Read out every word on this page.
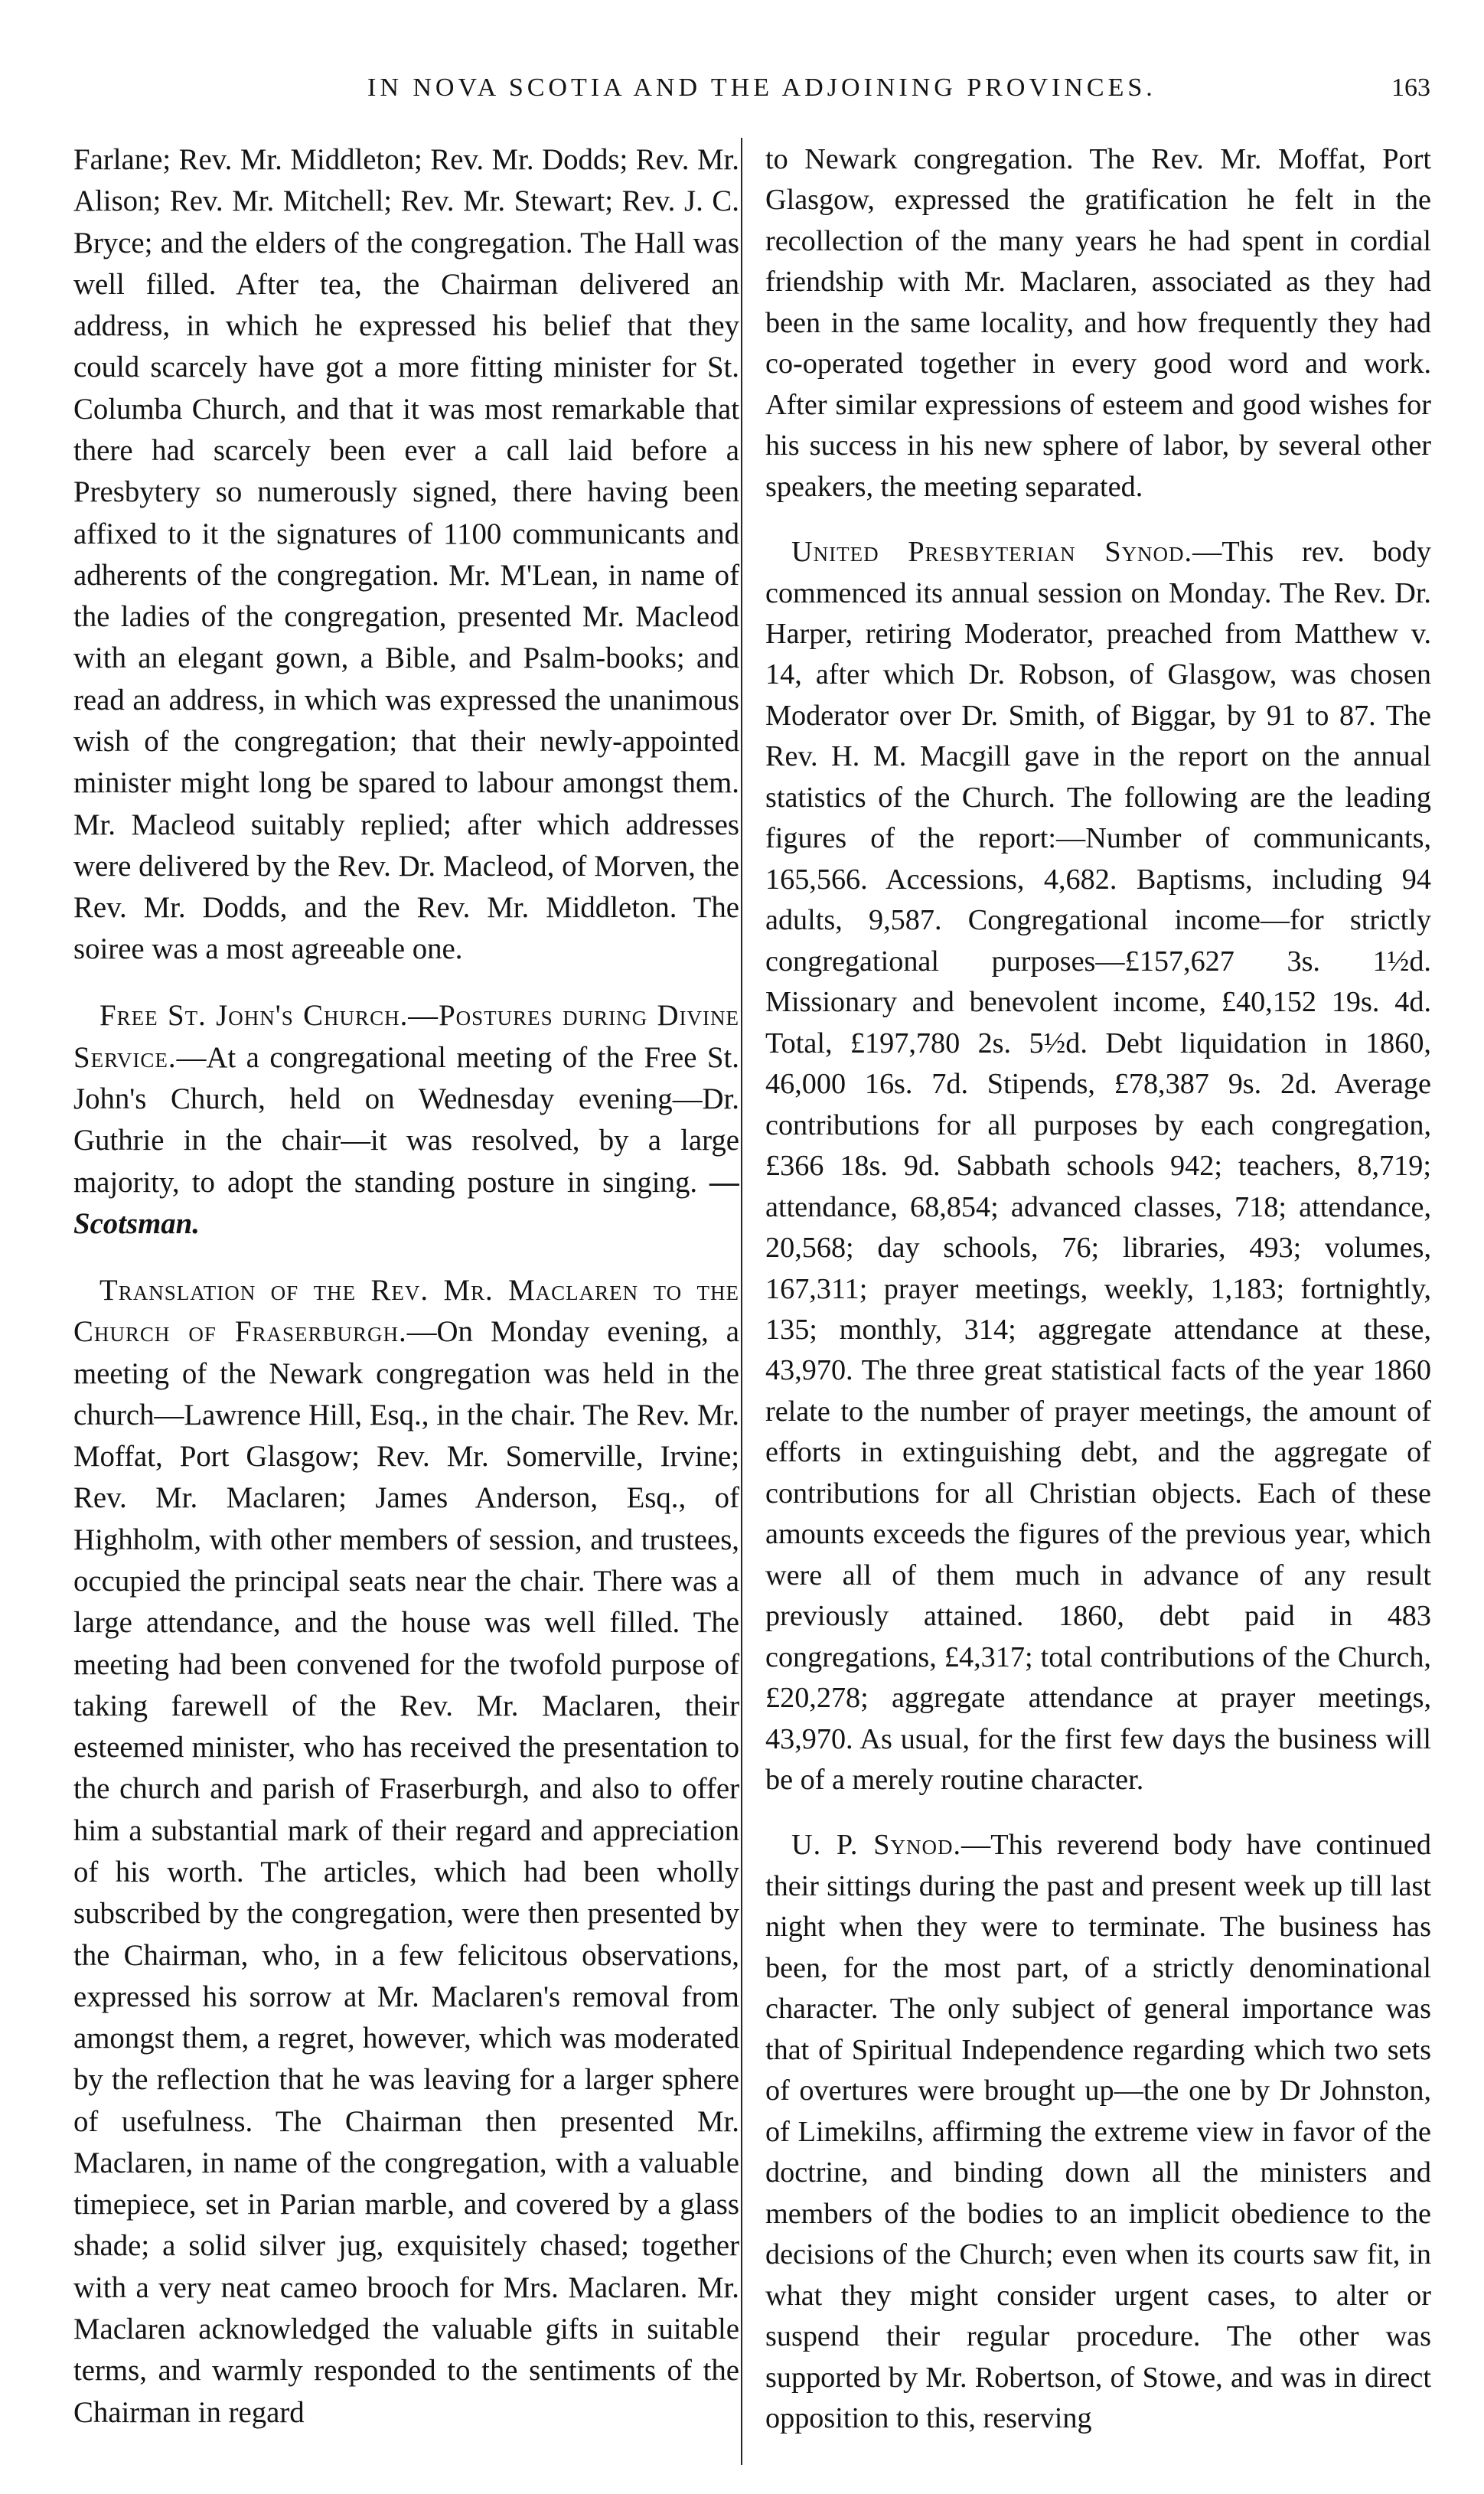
IN NOVA SCOTIA AND THE ADJOINING PROVINCES.	163

Farlane; Rev. Mr. Middleton; Rev. Mr. Dodds; Rev. Mr. Alison; Rev. Mr. Mitchell; Rev. Mr. Stewart; Rev. J. C. Bryce; and the elders of the congregation. The Hall was well filled. After tea, the Chairman delivered an address, in which he expressed his belief that they could scarcely have got a more fitting minister for St. Columba Church, and that it was most remarkable that there had scarcely been ever a call laid before a Presbytery so numerously signed, there having been affixed to it the signatures of 1100 communicants and adherents of the congregation. Mr. M'Lean, in name of the ladies of the congregation, presented Mr. Macleod with an elegant gown, a Bible, and Psalm-books; and read an address, in which was expressed the unanimous wish of the congregation; that their newly-appointed minister might long be spared to labour amongst them. Mr. Macleod suitably replied; after which addresses were delivered by the Rev. Dr. Macleod, of Morven, the Rev. Mr. Dodds, and the Rev. Mr. Middleton. The soiree was a most agreeable one.

Free St. John's Church.—Postures during Divine Service.—At a congregational meeting of the Free St. John's Church, held on Wednesday evening—Dr. Guthrie in the chair—it was resolved, by a large majority, to adopt the standing posture in singing. —Scotsman.

Translation of the Rev. Mr. Maclaren to the Church of Fraserburgh.—On Monday evening, a meeting of the Newark congregation was held in the church—Lawrence Hill, Esq., in the chair. The Rev. Mr. Moffat, Port Glasgow; Rev. Mr. Somerville, Irvine; Rev. Mr. Maclaren; James Anderson, Esq., of Highholm, with other members of session, and trustees, occupied the principal seats near the chair. There was a large attendance, and the house was well filled. The meeting had been convened for the twofold purpose of taking farewell of the Rev. Mr. Maclaren, their esteemed minister, who has received the presentation to the church and parish of Fraserburgh, and also to offer him a substantial mark of their regard and appreciation of his worth. The articles, which had been wholly subscribed by the congregation, were then presented by the Chairman, who, in a few felicitous observations, expressed his sorrow at Mr. Maclaren's removal from amongst them, a regret, however, which was moderated by the reflection that he was leaving for a larger sphere of usefulness. The Chairman then presented Mr. Maclaren, in name of the congregation, with a valuable timepiece, set in Parian marble, and covered by a glass shade; a solid silver jug, exquisitely chased; together with a very neat cameo brooch for Mrs. Maclaren. Mr. Maclaren acknowledged the valuable gifts in suitable terms, and warmly responded to the sentiments of the Chairman in regard

to Newark congregation. The Rev. Mr. Moffat, Port Glasgow, expressed the gratification he felt in the recollection of the many years he had spent in cordial friendship with Mr. Maclaren, associated as they had been in the same locality, and how frequently they had co-operated together in every good word and work. After similar expressions of esteem and good wishes for his success in his new sphere of labor, by several other speakers, the meeting separated.

United Presbyterian Synod.—This rev. body commenced its annual session on Monday. The Rev. Dr. Harper, retiring Moderator, preached from Matthew v. 14, after which Dr. Robson, of Glasgow, was chosen Moderator over Dr. Smith, of Biggar, by 91 to 87. The Rev. H. M. Macgill gave in the report on the annual statistics of the Church. The following are the leading figures of the report:—Number of communicants, 165,566. Accessions, 4,682. Baptisms, including 94 adults, 9,587. Congregational income—for strictly congregational purposes—£157,627 3s. 1½d. Missionary and benevolent income, £40,152 19s. 4d. Total, £197,780 2s. 5½d. Debt liquidation in 1860, 46,000 16s. 7d. Stipends, £78,387 9s. 2d. Average contributions for all purposes by each congregation, £366 18s. 9d. Sabbath schools 942; teachers, 8,719; attendance, 68,854; advanced classes, 718; attendance, 20,568; day schools, 76; libraries, 493; volumes, 167,311; prayer meetings, weekly, 1,183; fortnightly, 135; monthly, 314; aggregate attendance at these, 43,970. The three great statistical facts of the year 1860 relate to the number of prayer meetings, the amount of efforts in extinguishing debt, and the aggregate of contributions for all Christian objects. Each of these amounts exceeds the figures of the previous year, which were all of them much in advance of any result previously attained. 1860, debt paid in 483 congregations, £4,317; total contributions of the Church, £20,278; aggregate attendance at prayer meetings, 43,970. As usual, for the first few days the business will be of a merely routine character.

U. P. Synod.—This reverend body have continued their sittings during the past and present week up till last night when they were to terminate. The business has been, for the most part, of a strictly denominational character. The only subject of general importance was that of Spiritual Independence regarding which two sets of overtures were brought up—the one by Dr Johnston, of Limekilns, affirming the extreme view in favor of the doctrine, and binding down all the ministers and members of the bodies to an implicit obedience to the decisions of the Church; even when its courts saw fit, in what they might consider urgent cases, to alter or suspend their regular procedure. The other was supported by Mr. Robertson, of Stowe, and was in direct opposition to this, reserving
